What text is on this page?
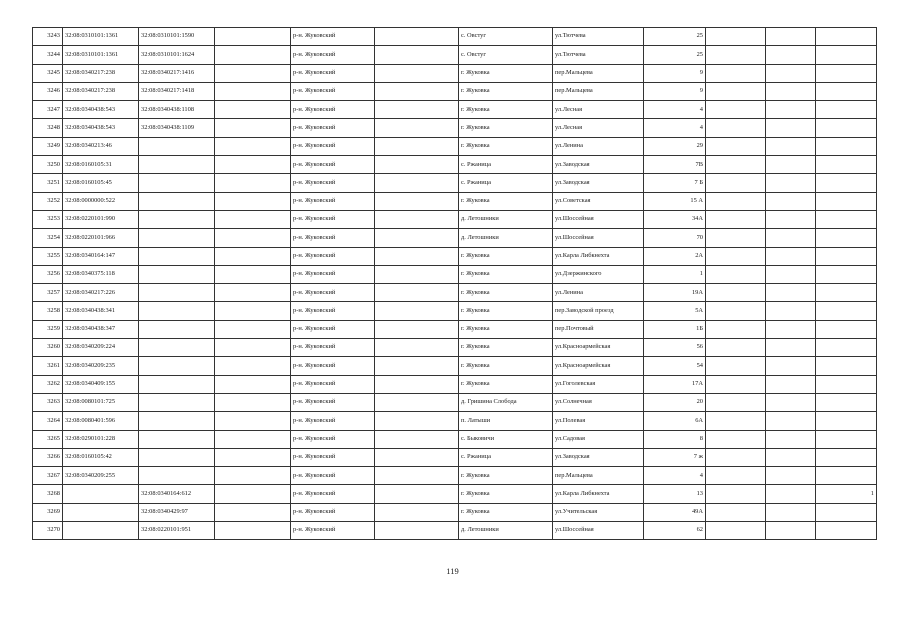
3243	32:08:0310101:1361	32:08:0310101:1590		р-н. Жуковский		с. Овстуг	ул.Тютчева	25			
3244	32:08:0310101:1361	32:08:0310101:1624		р-н. Жуковский		с. Овстуг	ул.Тютчева	25			
3245	32:08:0340217:238	32:08:0340217:1416		р-н. Жуковский		г. Жуковка	пер.Мальцева	9			
3246	32:08:0340217:238	32:08:0340217:1418		р-н. Жуковский		г. Жуковка	пер.Мальцева	9			
3247	32:08:0340438:543	32:08:0340438:1108		р-н. Жуковский		г. Жуковка	ул.Лесная	4			
3248	32:08:0340438:543	32:08:0340438:1109		р-н. Жуковский		г. Жуковка	ул.Лесная	4			
3249	32:08:0340213:46			р-н. Жуковский		г. Жуковка	ул.Ленина	29			
3250	32:08:0160105:31			р-н. Жуковский		с. Ржаница	ул.Заводская	7В			
3251	32:08:0160105:45			р-н. Жуковский		с. Ржаница	ул.Заводская	7 Б			
3252	32:08:0000000:522			р-н. Жуковский		г. Жуковка	ул.Советская	15 А			
3253	32:08:0220101:990			р-н. Жуковский		д. Летошники	ул.Шоссейная	34А			
3254	32:08:0220101:966			р-н. Жуковский		д. Летошники	ул.Шоссейная	70			
3255	32:08:0340164:147			р-н. Жуковский		г. Жуковка	ул.Карла Либкнехта	2А			
3256	32:08:0340375:118			р-н. Жуковский		г. Жуковка	ул.Дзержинского	1			
3257	32:08:0340217:226			р-н. Жуковский		г. Жуковка	ул.Ленина	19А			
3258	32:08:0340438:341			р-н. Жуковский		г. Жуковка	пер.Заводской проезд	5А			
3259	32:08:0340438:347			р-н. Жуковский		г. Жуковка	пер.Почтовый	1Б			
3260	32:08:0340209:224			р-н. Жуковский		г. Жуковка	ул.Красноармейская	56			
3261	32:08:0340209:235			р-н. Жуковский		г. Жуковка	ул.Красноармейская	54			
3262	32:08:0340409:155			р-н. Жуковский		г. Жуковка	ул.Гоголевская	17А			
3263	32:08:0080101:725			р-н. Жуковский		д. Гришина Слобода	ул.Солнечная	20			
3264	32:08:0080401:596			р-н. Жуковский		п. Латыши	ул.Полевая	6А			
3265	32:08:0290101:228			р-н. Жуковский		с. Быковичи	ул.Садовая	8			
3266	32:08:0160105:42			р-н. Жуковский		с. Ржаница	ул.Заводская	7 ж			
3267	32:08:0340209:255			р-н. Жуковский		г. Жуковка	пер.Мальцева	4			
3268		32:08:0340164:612		р-н. Жуковский		г. Жуковка	ул.Карла Либкнехта	13			1
3269		32:08:0340429:97		р-н. Жуковский		г. Жуковка	ул.Учительская	49А			
3270		32:08:0220101:951		р-н. Жуковский		д. Летошники	ул.Шоссейная	62			
119
